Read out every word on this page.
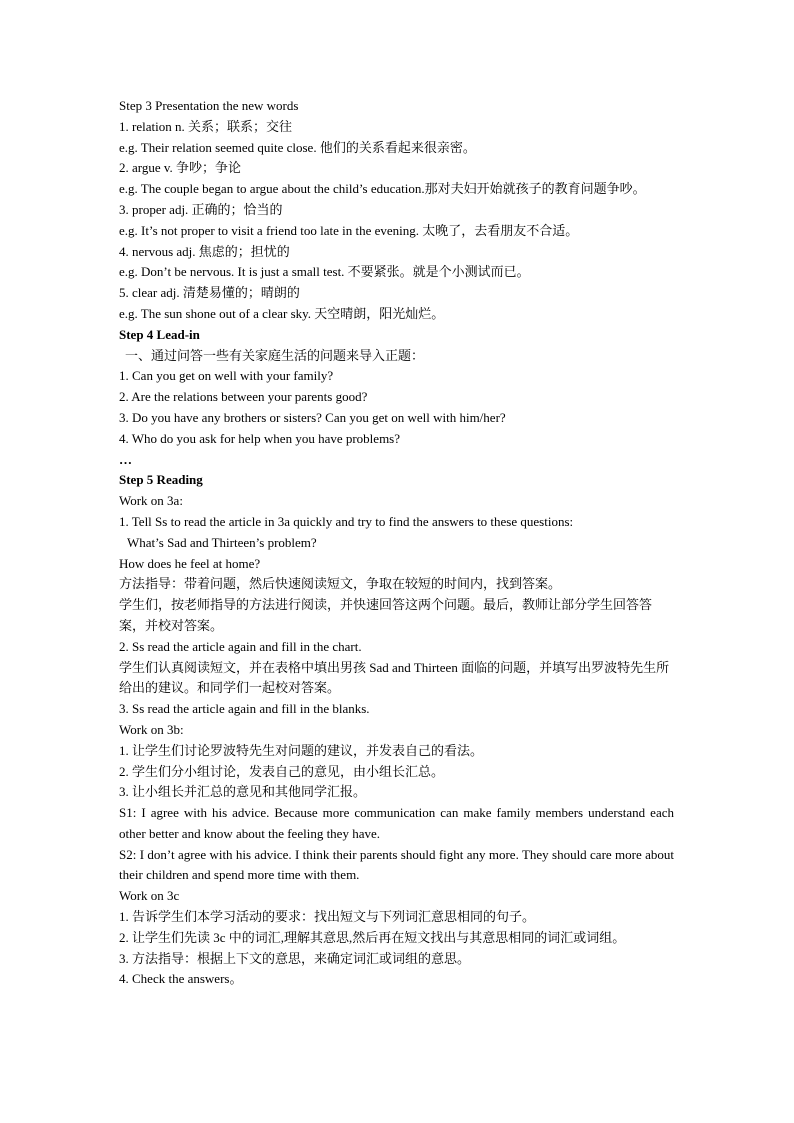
Step 3 Presentation the new words
1. relation n. 关系；联系；交往
e.g. Their relation seemed quite close. 他们的关系看起来很亲密。
2. argue v. 争吵；争论
e.g. The couple began to argue about the child’s education.那对夫妇开始就孩子的教育问题争吵。
3. proper adj. 正确的；恰当的
e.g. It’s not proper to visit a friend too late in the evening. 太晚了，去看朋友不合适。
4. nervous adj. 焦虑的；担忧的
e.g. Don’t be nervous. It is just a small test. 不要紧张。就是个小测试而已。
5. clear adj. 清楚易懂的；晴朗的
e.g. The sun shone out of a clear sky. 天空晴朗，阳光灿烂。
Step 4 Lead-in
一、通过问答一些有关家庭生活的问题来导入正题：
1. Can you get on well with your family?
2. Are the relations between your parents good?
3. Do you have any brothers or sisters? Can you get on well with him/her?
4. Who do you ask for help when you have problems?
…
Step 5 Reading
Work on 3a:
1. Tell Ss to read the article in 3a quickly and try to find the answers to these questions:
What’s Sad and Thirteen’s problem?
How does he feel at home?
方法指导：带着问题，然后快速阅读短文，争取在较短的时间内，找到答案。
学生们，按老师指导的方法进行阅读，并快速回答这两个问题。最后，教师让部分学生回答答案，并校对答案。
2. Ss read the article again and fill in the chart.
学生们认真阅读短文，并在表格中填出男孩 Sad and Thirteen 面临的问题，并填写出罗波特先生所给出的建议。和同学们一起校对答案。
3. Ss read the article again and fill in the blanks.
Work on 3b:
1. 让学生们讨论罗波特先生对问题的建议，并发表自己的看法。
2. 学生们分小组讨论，发表自己的意见，由小组长汇总。
3. 让小组长并汇总的意见和其他同学汇报。
S1: I agree with his advice. Because more communication can make family members understand each other better and know about the feeling they have.
S2: I don’t agree with his advice. I think their parents should fight any more. They should care more about their children and spend more time with them.
Work on 3c
1. 告诉学生们本学习活动的要求：找出短文与下列词汇意思相同的句子。
2. 让学生们先读 3c 中的词汇,理解其意思,然后再在短文找出与其意思相同的词汇或词组。
3. 方法指导：根据上下文的意思，来确定词汇或词组的意思。
4. Check the answers。
